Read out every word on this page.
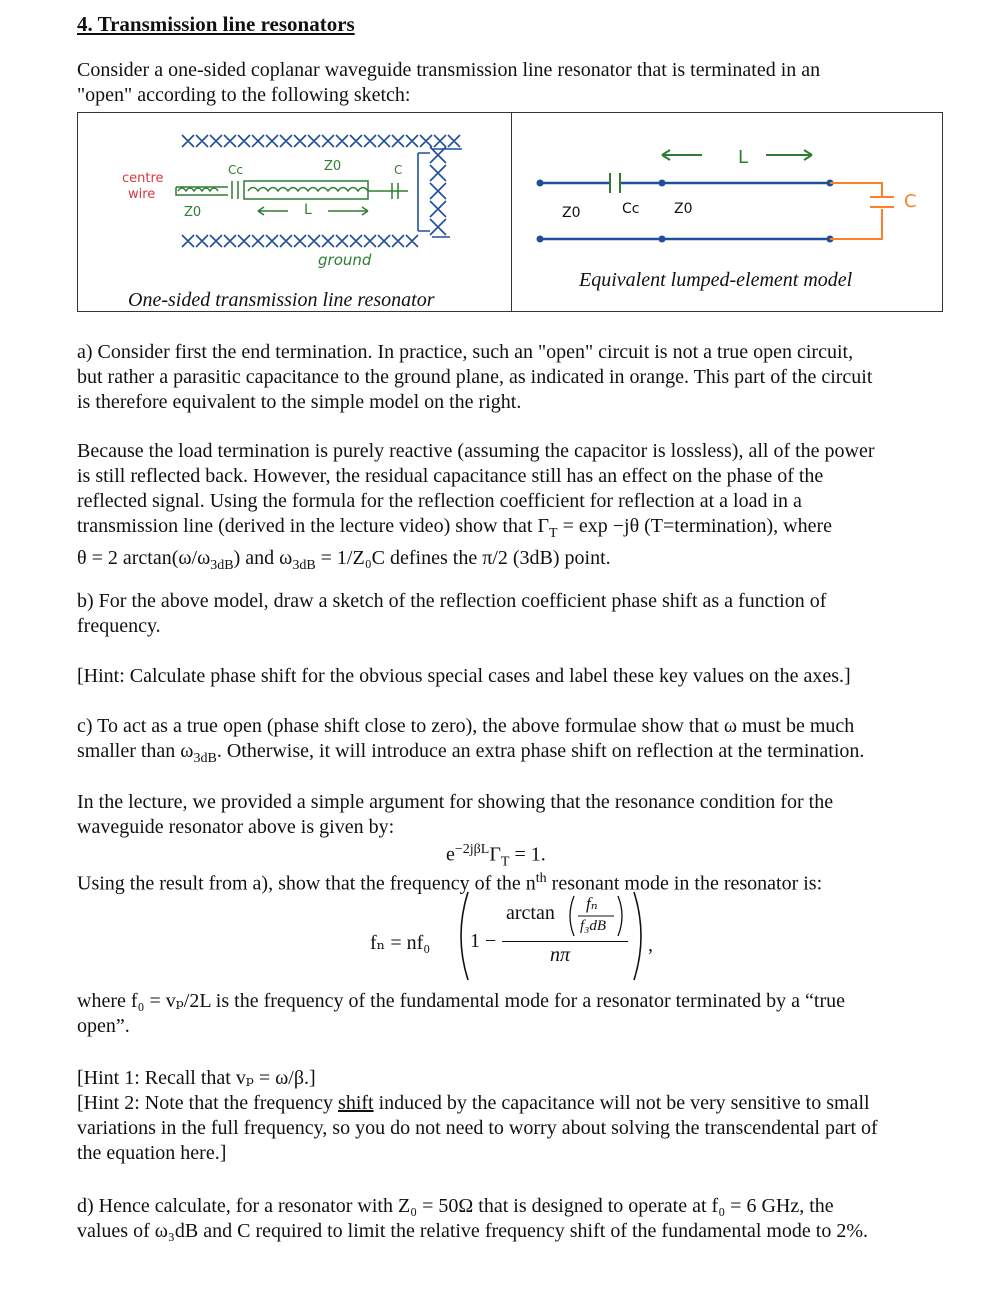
4. Transmission line resonators

Consider a one-sided coplanar waveguide transmission line resonator that is terminated in an

"open" according to the following sketch:

centre
wire
Cc	Z0	C
Z0	L
ground
One-sided transmission line resonator
Z0	Cc Z0
L
C
Equivalent lumped-element model

a) Consider first the end termination. In practice, such an "open" circuit is not a true open circuit,

but rather a parasitic capacitance to the ground plane, as indicated in orange. This part of the circuit

is therefore equivalent to the simple model on the right.

Because the load termination is purely reactive (assuming the capacitor is lossless), all of the power

is still reflected back. However, the residual capacitance still has an effect on the phase of the

reflected signal. Using the formula for the reflection coefficient for reflection at a load in a

transmission line (derived in the lecture video) show that $\Gamma_T = \exp -j\theta$ (T=termination), where

θ = 2 $\arctan(\omega/\omega_{3dB})$ and $\omega_{3dB} = 1/Z_0C$ defines the π/2 (3dB) point.

b) For the above model, draw a sketch of the reflection coefficient phase shift as a function of

frequency.

[Hint: Calculate phase shift for the obvious special cases and label these key values on the axes.]

c) To act as a true open (phase shift close to zero), the above formulae show that ω must be much

smaller than $\omega_{3dB}$. Otherwise, it will introduce an extra phase shift on reflection at the termination.

In the lecture, we provided a simple argument for showing that the resonance condition for the

waveguide resonator above is given by:

$e^{-2j\beta L}\Gamma_T = 1$.

Using the result from a), show that the frequency of the $n^{th}$ resonant mode in the resonator is:

fₙ = nf₀ 1 −
arctan fₙ
f₃dB
nπ	,

where f₀ = vₚ/2L is the frequency of the fundamental mode for a resonator terminated by a “true

open”.

[Hint 1: Recall that vₚ = ω/β.]

[Hint 2: Note that the frequency shift induced by the capacitance will not be very sensitive to small

variations in the full frequency, so you do not need to worry about solving the transcendental part of

the equation here.]

d) Hence calculate, for a resonator with Z₀ = 50Ω that is designed to operate at f₀ = 6 GHz, the

values of ω₃dB and C required to limit the relative frequency shift of the fundamental mode to 2%.
